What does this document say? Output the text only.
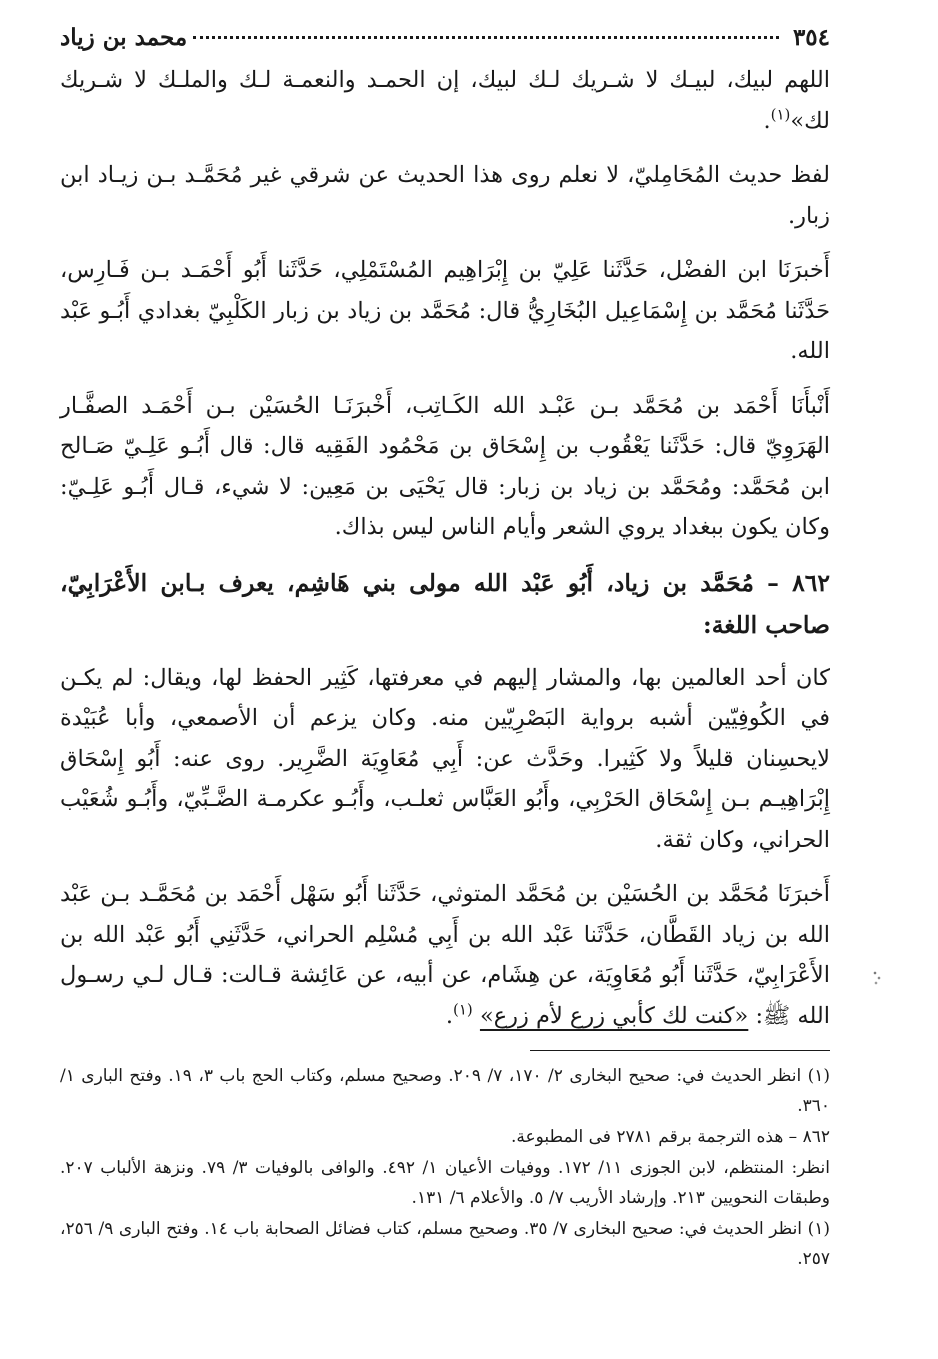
٣٥٤
محمد بن زياد

اللهم لبيك، لبيـك لا شـريك لـك لبيك، إن الحمـد والنعمـة لـك والملـك لا شـريك لك»$^{(١)}$.

لفظ حديث المُحَامِليّ، لا نعلم روى هذا الحديث عن شرقي غير مُحَمَّـد بـن زيـاد ابن زبار.

أَخبرَنَا ابن الفضْل، حَدَّثَنا عَلِيّ بن إِبْرَاهِيم المُسْتَمْلِي، حَدَّثَنا أَبُو أَحْمَـد بـن فَـارِس، حَدَّثَنا مُحَمَّد بن إِسْمَاعِيل البُخَارِيُّ قال: مُحَمَّد بن زياد بن زبار الكَلْبِيّ بغدادي أَبُـو عَبْد الله.

أَنْبأَنَا أَحْمَد بن مُحَمَّد بـن عَبْـد الله الكَـاتِب، أَخْبرَنَـا الحُسَيْن بـن أَحْمَـد الصفَّـار الهَرَوِيّ قال: حَدَّثَنا يَعْقُوب بن إِسْحَاق بن مَحْمُود الفَقِيه قال: قال أَبُـو عَلِـيّ صَـالح ابن مُحَمَّد: ومُحَمَّد بن زياد بن زبار: قال يَحْيَى بن مَعِين: لا شيء، قـال أَبُـو عَلِـيّ: وكان يكون ببغداد يروي الشعر وأيام الناس ليس بذاك.

٨٦٢ – مُحَمَّد بن زياد، أَبُو عَبْد الله مولى بني هَاشِم، يعرف بـابن الأَعْرَابِيّ، صاحب اللغة:

كان أحد العالمين بها، والمشار إليهم في معرفتها، كَثِير الحفظ لها، ويقال: لم يكـن في الكُوفِيّين أشبه برواية البَصْرِيّين منه. وكان يزعم أن الأصمعي، وأبا عُبَيْدة لايحسِنان قليلاً ولا كَثِيرا. وحَدَّث عن: أَبِي مُعَاوِيَة الضَّرِير. روى عنه: أَبُو إِسْحَاق إِبْرَاهِيـم بـن إِسْحَاق الحَرْبِي، وأَبُو العَبَّاس ثعلـب، وأَبُـو عكرمـة الضَّـبِّيّ، وأَبُـو شُعَيْب الحراني، وكان ثقة.

أَخبرَنَا مُحَمَّد بن الحُسَيْن بن مُحَمَّد المتوثي، حَدَّثَنا أَبُو سَهْل أَحْمَد بن مُحَمَّـد بـن عَبْد الله بن زياد القَطَّان، حَدَّثَنا عَبْد الله بن أَبِي مُسْلِم الحراني، حَدَّثَنِي أَبُو عَبْد الله بن الأَعْرَابِيّ، حَدَّثَنا أَبُو مُعَاوِيَة، عن هِشَام، عن أبيه، عن عَائِشة قـالت: قـال لـي رسـول الله ﷺ: «كنت لك كأبي زرع لأم زرع» $^{(١)}$.

(١) انظر الحديث في: صحيح البخارى ٢/ ١٧٠، ٧/ ٢٠٩. وصحيح مسلم، وكتاب الحج باب ٣، ١٩. وفتح البارى ١/ ٣٦٠.

٨٦٢ – هذه الترجمة برقم ٢٧٨١ فى المطبوعة.

انظر: المنتظم، لابن الجوزى ١١/ ١٧٢. ووفيات الأعيان ١/ ٤٩٢. والوافى بالوفيات ٣/ ٧٩. ونزهة الألباب ٢٠٧. وطبقات النحويين ٢١٣. وإرشاد الأريب ٧/ ٥. والأعلام ٦/ ١٣١.

(١) انظر الحديث في: صحيح البخارى ٧/ ٣٥. وصحيح مسلم، كتاب فضائل الصحابة باب ١٤. وفتح البارى ٩/ ٢٥٦، ٢٥٧.
